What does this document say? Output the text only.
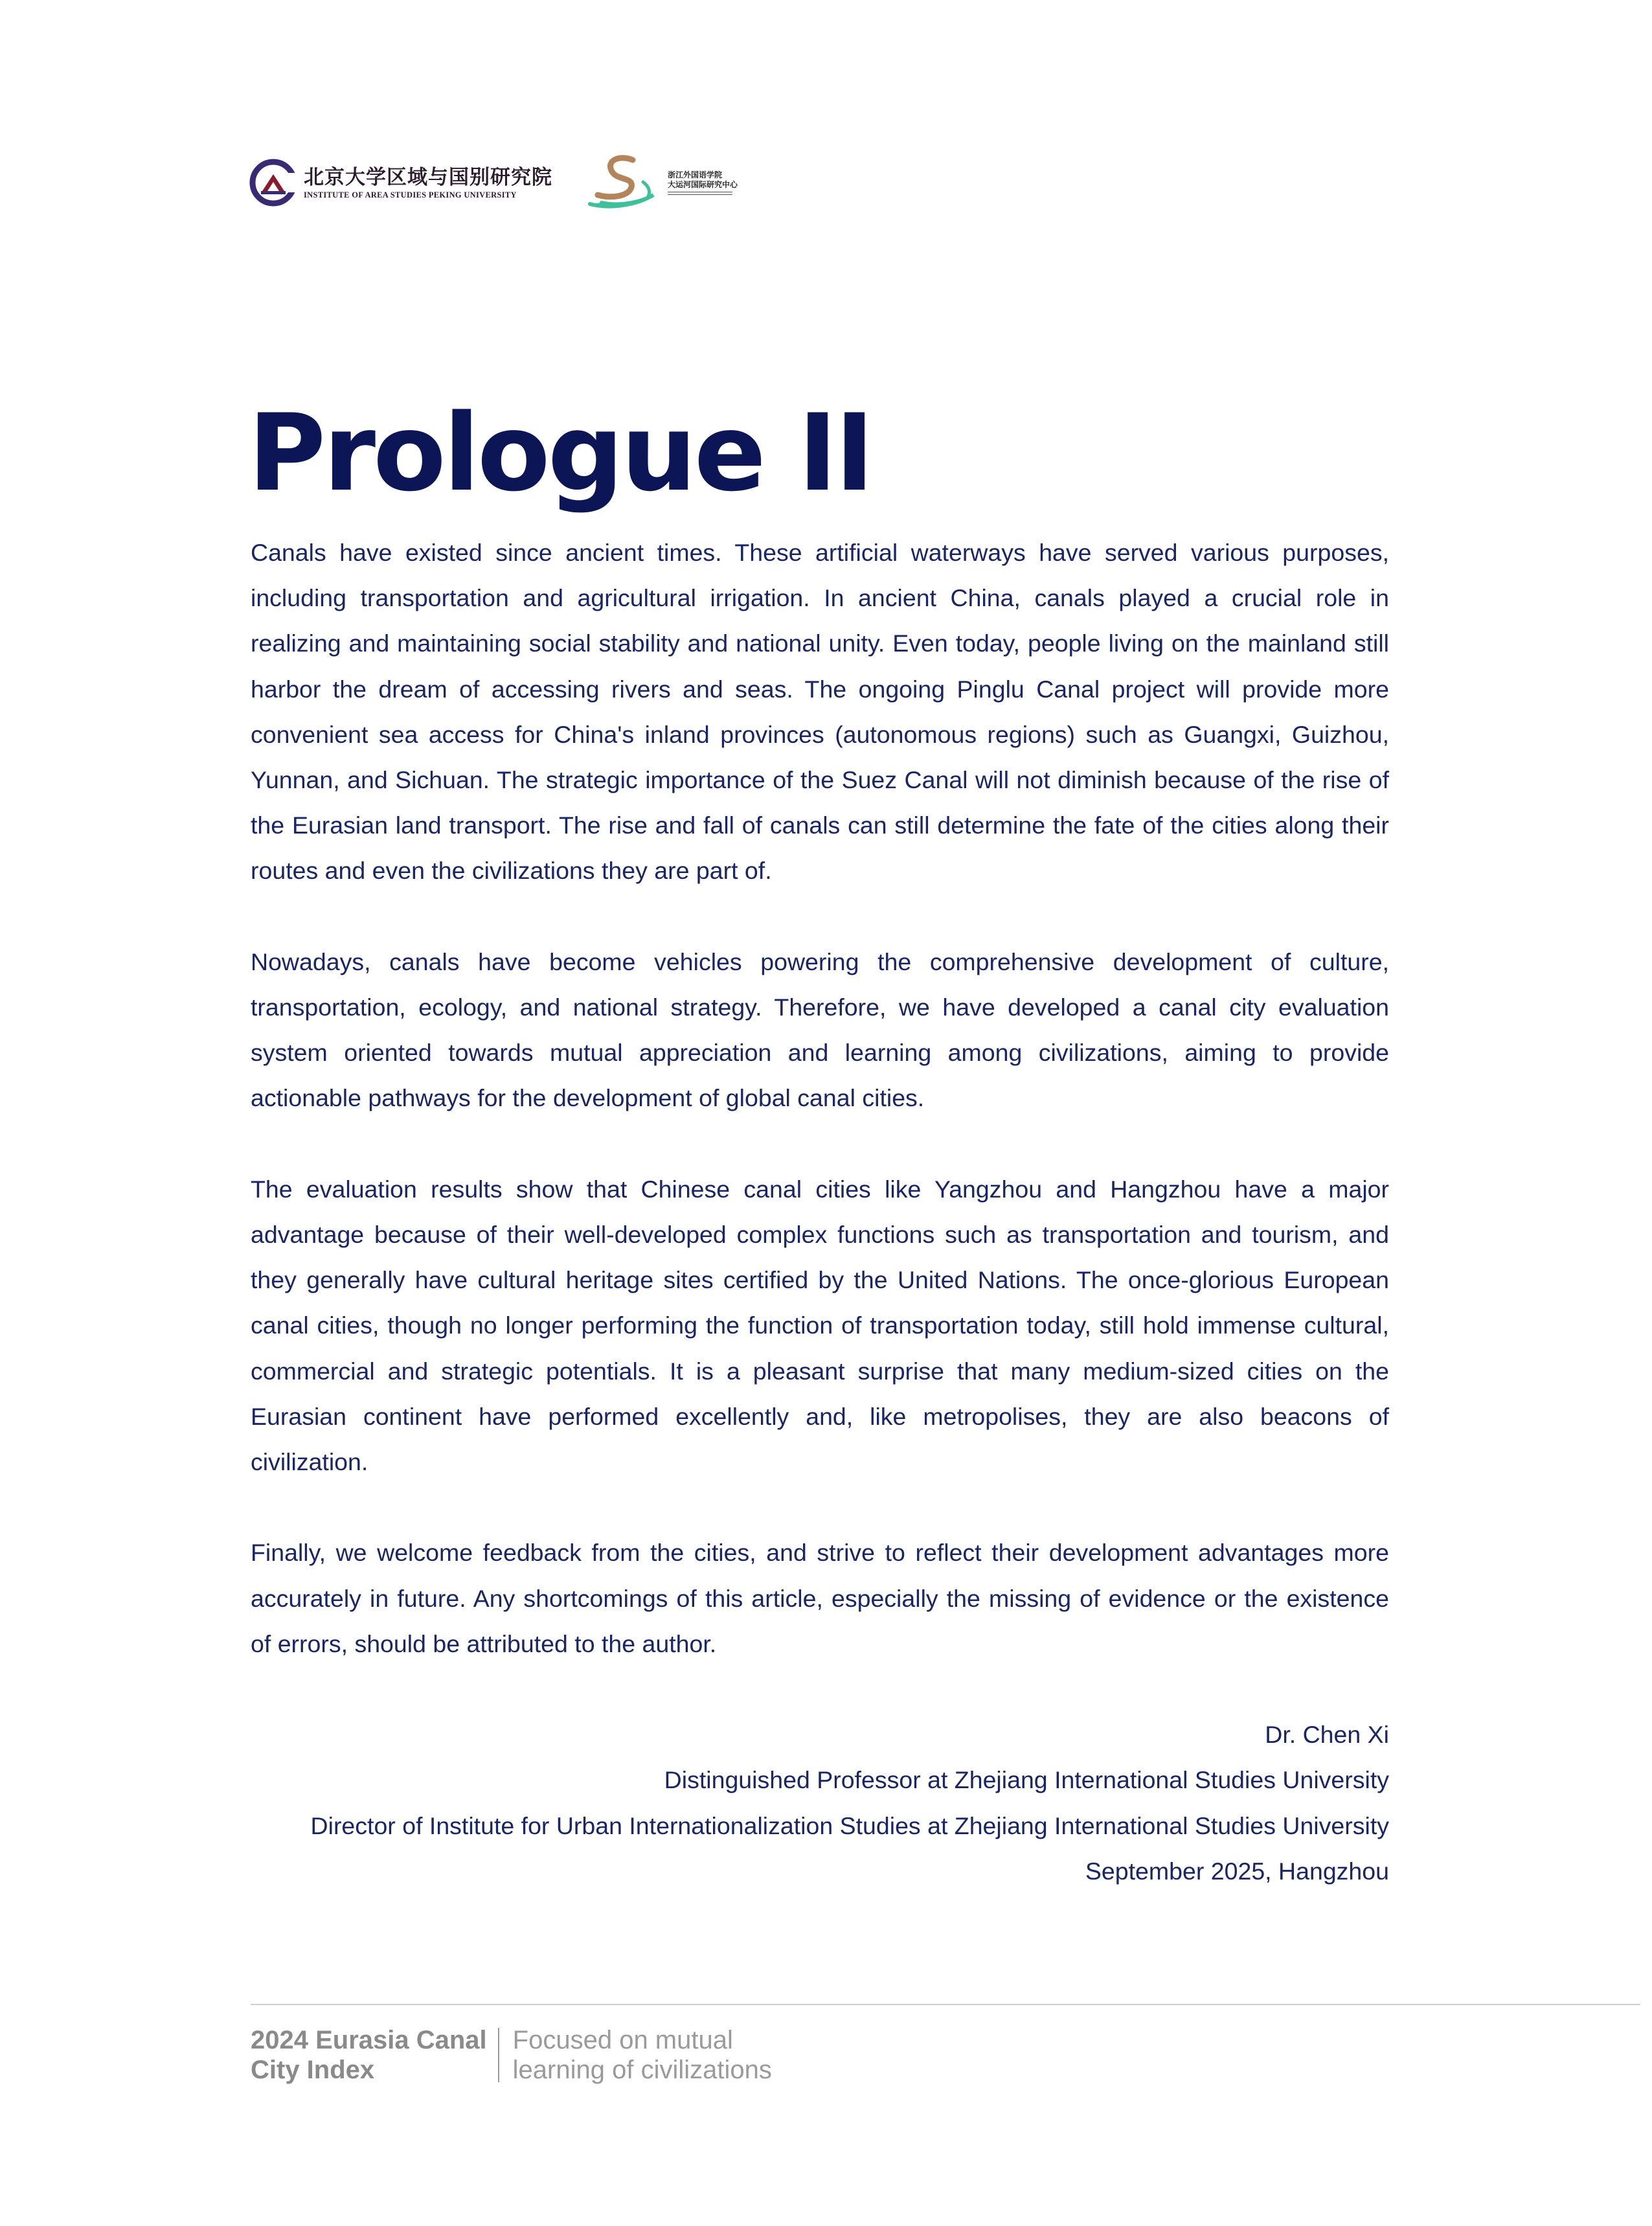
北京大学区域与国别研究院
INSTITUTE OF AREA STUDIES PEKING UNIVERSITY
浙江外国语学院
大运河国际研究中心
Prologue II

Canals have existed since ancient times. These artificial waterways have served various purposes, including transportation and agricultural irrigation. In ancient China, canals played a crucial role in realizing and maintaining social stability and national unity. Even today, people living on the mainland still harbor the dream of accessing rivers and seas. The ongoing Pinglu Canal project will provide more convenient sea access for China's inland provinces (autonomous regions) such as Guangxi, Guizhou, Yunnan, and Sichuan. The strategic importance of the Suez Canal will not diminish because of the rise of the Eurasian land transport. The rise and fall of canals can still determine the fate of the cities along their routes and even the civilizations they are part of.

Nowadays, canals have become vehicles powering the comprehensive development of culture, transportation, ecology, and national strategy. Therefore, we have developed a canal city evaluation system oriented towards mutual appreciation and learning among civilizations, aiming to provide actionable pathways for the development of global canal cities.

The evaluation results show that Chinese canal cities like Yangzhou and Hangzhou have a major advantage because of their well-developed complex functions such as transportation and tourism, and they generally have cultural heritage sites certified by the United Nations. The once-glorious European canal cities, though no longer performing the function of transportation today, still hold immense cultural, commercial and strategic potentials. It is a pleasant surprise that many medium-sized cities on the Eurasian continent have performed excellently and, like metropolises, they are also beacons of civilization.

Finally, we welcome feedback from the cities, and strive to reflect their development advantages more accurately in future. Any shortcomings of this article, especially the missing of evidence or the existence of errors, should be attributed to the author.

Dr. Chen Xi
Distinguished Professor at Zhejiang International Studies University
Director of Institute for Urban Internationalization Studies at Zhejiang International Studies University
September 2025, Hangzhou
2024 Eurasia Canal
City Index
Focused on mutual
learning of civilizations
